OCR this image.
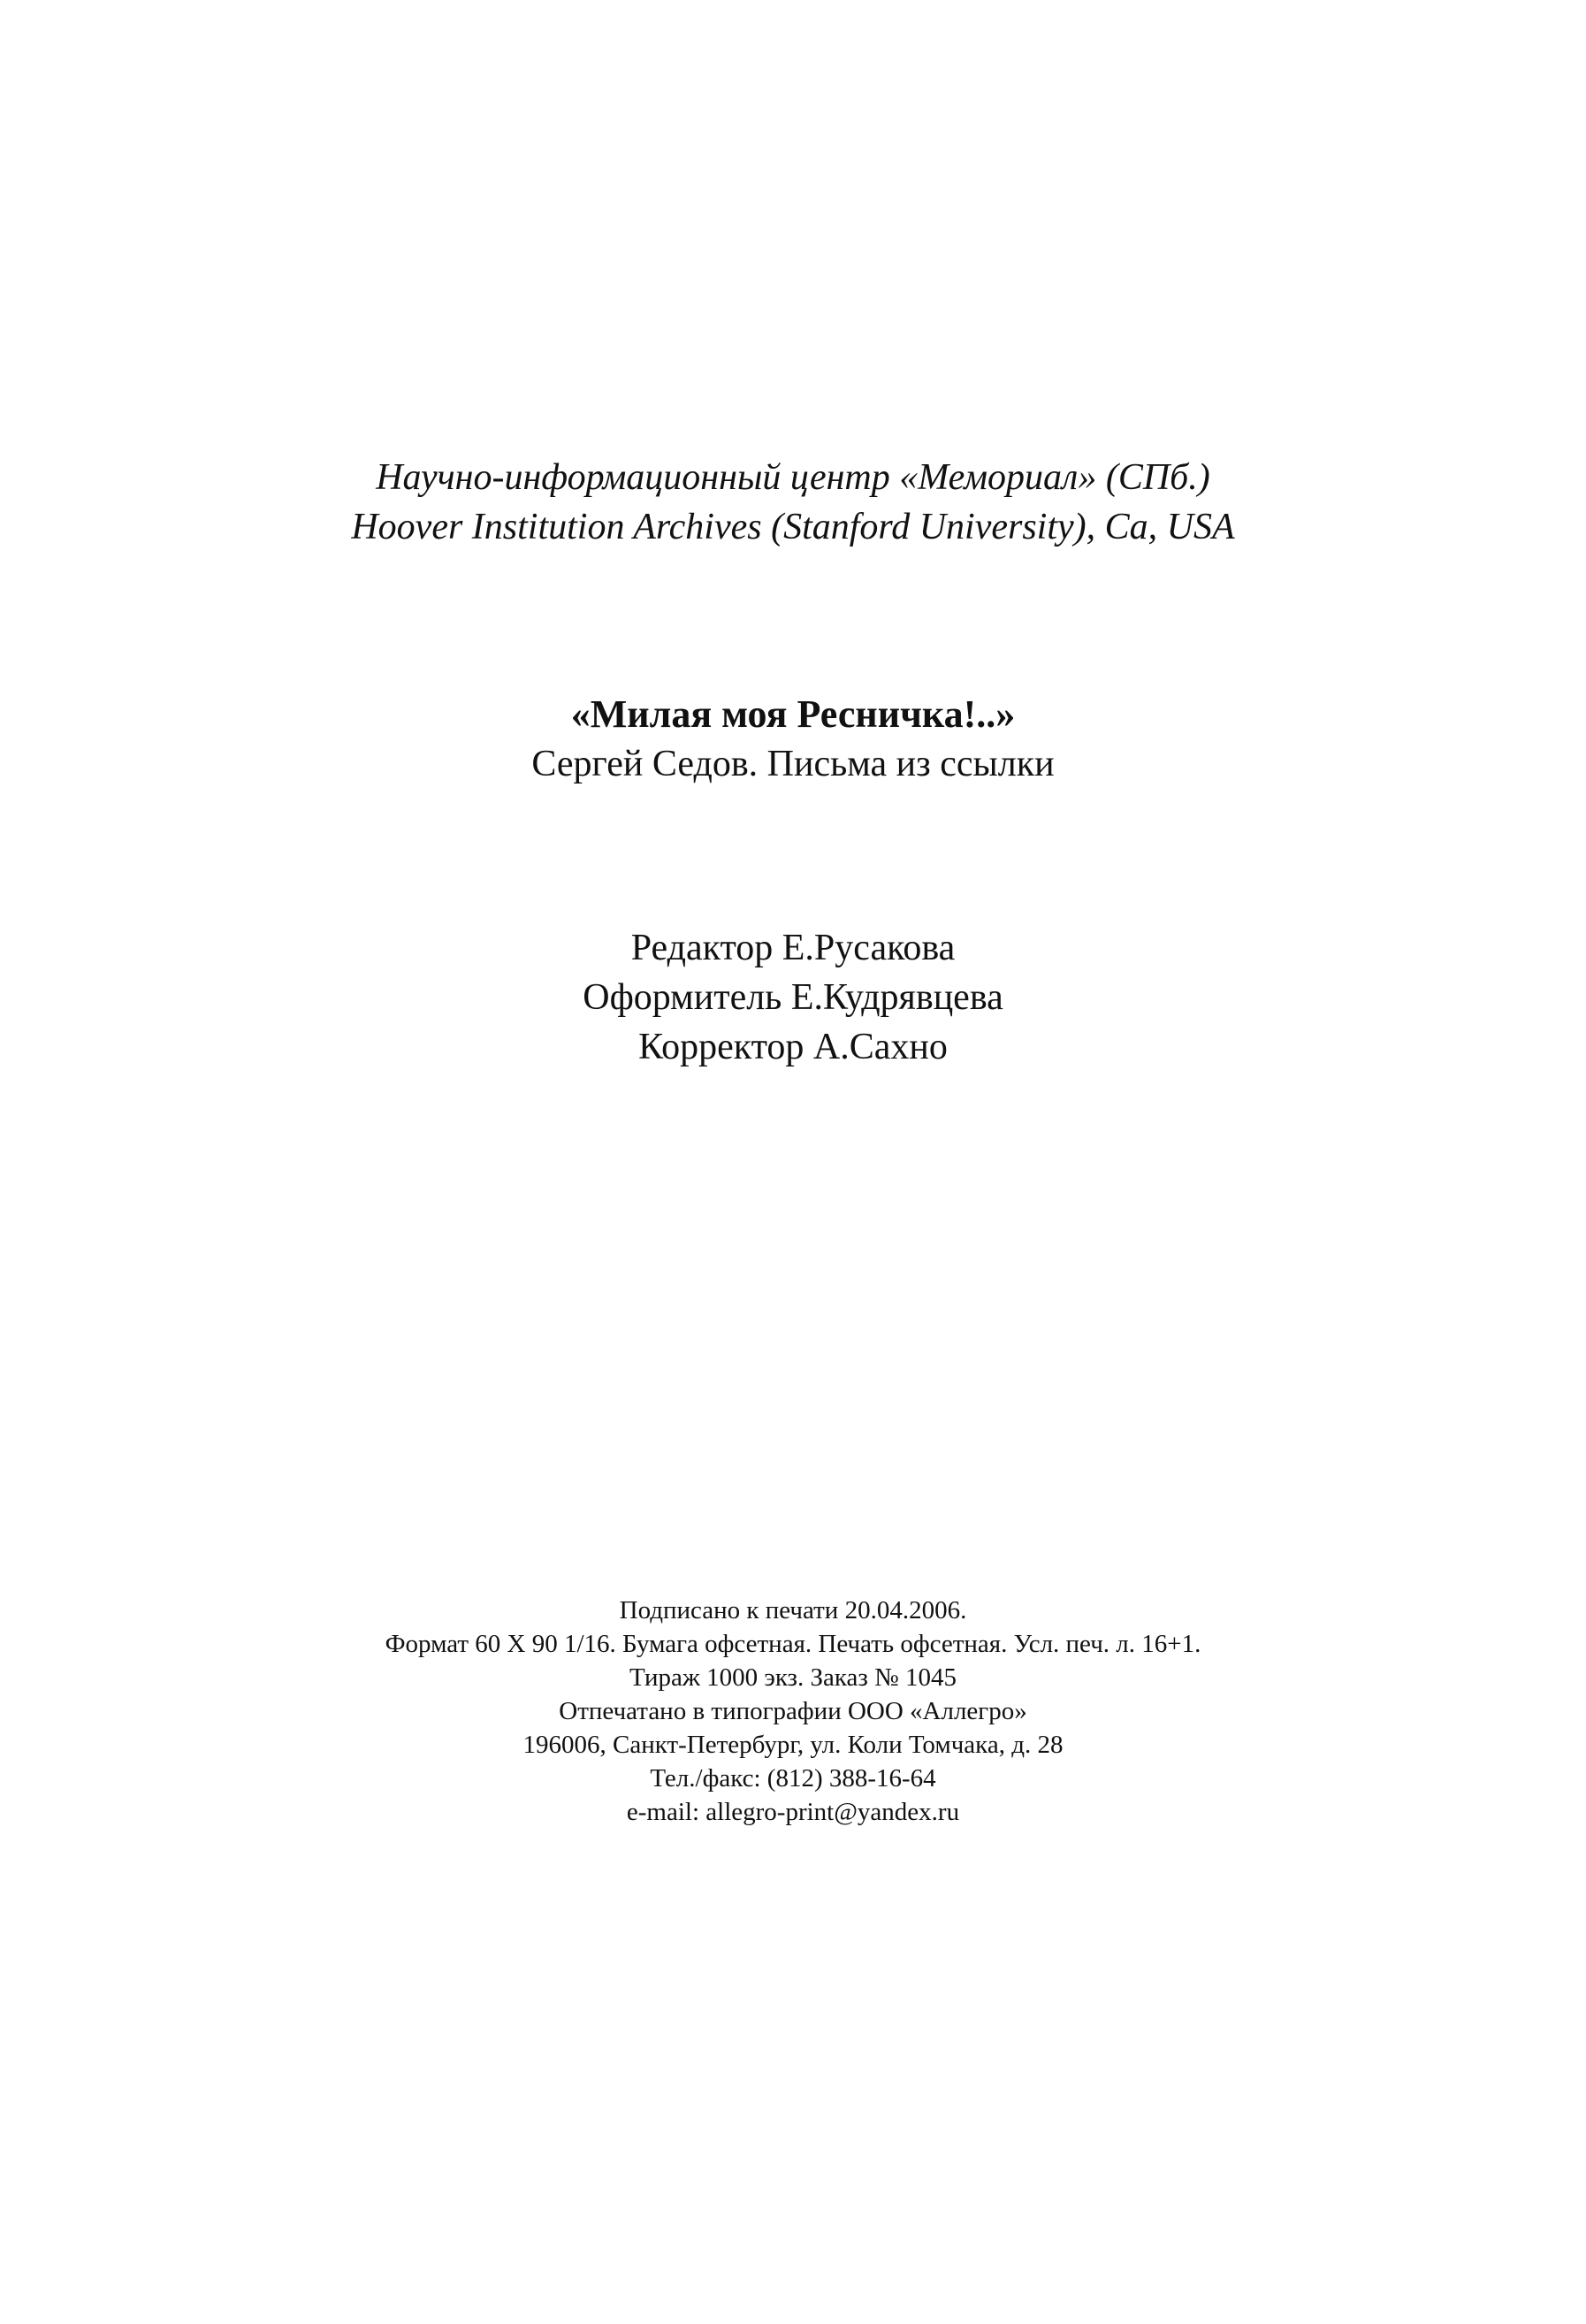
Научно-информационный центр «Мемориал» (СПб.)
Hoover Institution Archives (Stanford University), Ca, USA
«Милая моя Ресничка!..»
Сергей Седов. Письма из ссылки
Редактор Е.Русакова
Оформитель Е.Кудрявцева
Корректор А.Сахно
Подписано к печати 20.04.2006.
Формат 60 X 90 1/16. Бумага офсетная. Печать офсетная. Усл. печ. л. 16+1.
Тираж 1000 экз. Заказ № 1045
Отпечатано в типографии ООО «Аллегро»
196006, Санкт-Петербург, ул. Коли Томчака, д. 28
Тел./факс: (812) 388-16-64
e-mail: allegro-print@yandex.ru
